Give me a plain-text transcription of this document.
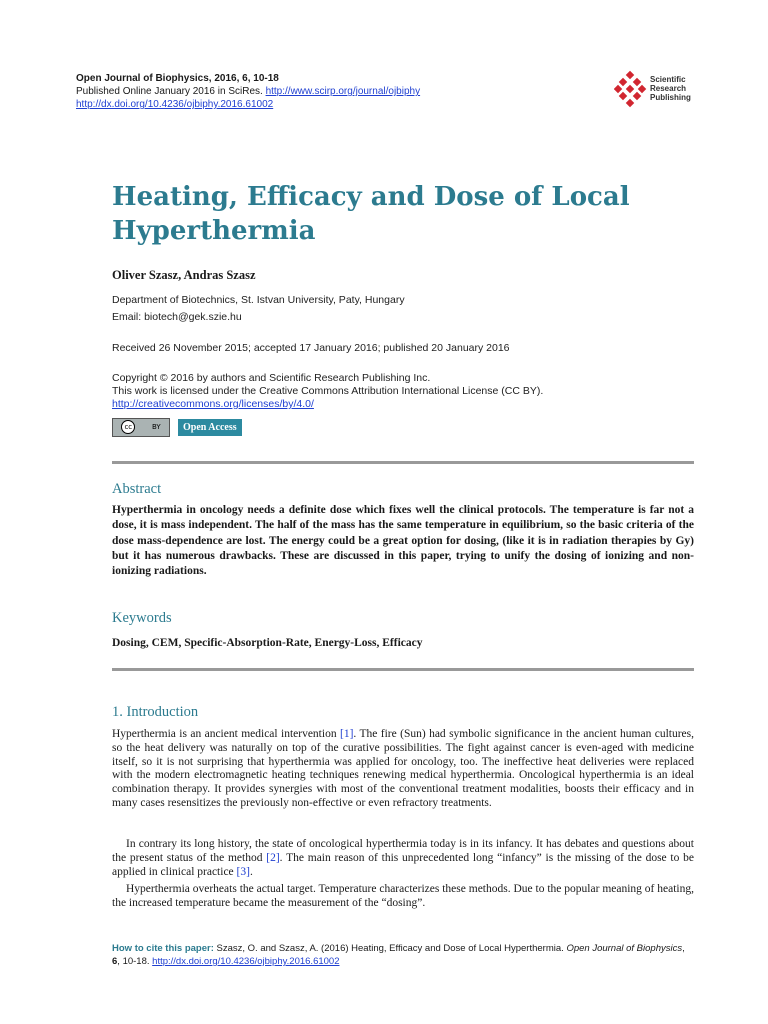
Open Journal of Biophysics, 2016, 6, 10-18
Published Online January 2016 in SciRes. http://www.scirp.org/journal/ojbiphy
http://dx.doi.org/10.4236/ojbiphy.2016.61002
Scientific
Research
Publishing
Heating, Efficacy and Dose of Local
Hyperthermia
Oliver Szasz, Andras Szasz
Department of Biotechnics, St. Istvan University, Paty, Hungary
Email: biotech@gek.szie.hu
Received 26 November 2015; accepted 17 January 2016; published 20 January 2016
Copyright © 2016 by authors and Scientific Research Publishing Inc.
This work is licensed under the Creative Commons Attribution International License (CC BY).
http://creativecommons.org/licenses/by/4.0/
cc	BY	Open Access
Abstract
Hyperthermia in oncology needs a definite dose which fixes well the clinical protocols. The temperature is far not a dose, it is mass independent. The half of the mass has the same temperature in equilibrium, so the basic criteria of the dose mass-dependence are lost. The energy could be a great option for dosing, (like it is in radiation therapies by Gy) but it has numerous drawbacks. These are discussed in this paper, trying to unify the dosing of ionizing and non-ionizing radiations.
Keywords
Dosing, CEM, Specific-Absorption-Rate, Energy-Loss, Efficacy
1. Introduction
Hyperthermia is an ancient medical intervention [1]. The fire (Sun) had symbolic significance in the ancient human cultures, so the heat delivery was naturally on top of the curative possibilities. The fight against cancer is even-aged with medicine itself, so it is not surprising that hyperthermia was applied for oncology, too. The ineffective heat deliveries were replaced with the modern electromagnetic heating techniques renewing medical hyperthermia. Oncological hyperthermia is an ideal combination therapy. It provides synergies with most of the conventional treatment modalities, boosts their efficacy and in many cases resensitizes the previously non-effective or even refractory treatments.
In contrary its long history, the state of oncological hyperthermia today is in its infancy. It has debates and questions about the present status of the method [2]. The main reason of this unprecedented long “infancy” is the missing of the dose to be applied in clinical practice [3].
Hyperthermia overheats the actual target. Temperature characterizes these methods. Due to the popular meaning of heating, the increased temperature became the measurement of the “dosing”.
How to cite this paper: Szasz, O. and Szasz, A. (2016) Heating, Efficacy and Dose of Local Hyperthermia. Open Journal of Biophysics, 6, 10-18. http://dx.doi.org/10.4236/ojbiphy.2016.61002
